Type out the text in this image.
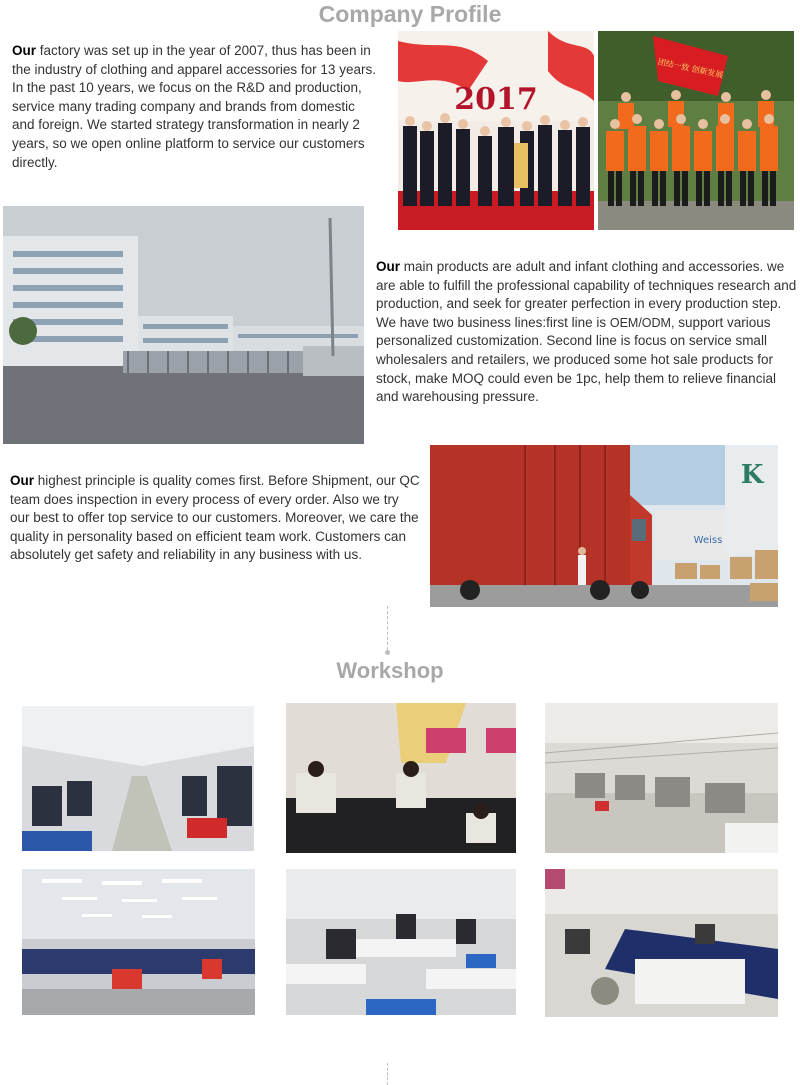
Company Profile
Our factory was set up in the year of 2007, thus has been in the industry of clothing and apparel accessories for 13 years. In the past 10 years, we focus on the R&D and production, service many trading company and brands from domestic and foreign. We started strategy transformation in nearly 2 years, so we open online platform to service our customers directly.
2017
团结一致 创新发展
Our main products are adult and infant clothing and accessories. we are able to fulfill the professional capability of techniques research and production, and seek for greater perfection in every production step. We have two business lines:first line is OEM/ODM, support various personalized customization. Second line is focus on service small wholesalers and retailers, we produced some hot sale products for stock, make MOQ could even be 1pc, help them to relieve financial and warehousing pressure.
Our highest principle is quality comes first. Before Shipment, our QC team does inspection in every process of every order. Also we try our best to offer top service to our customers. Moreover, we care the quality in personality based on efficient team work. Customers can absolutely get safety and reliability in any business with us.
Weiss
K
Workshop
